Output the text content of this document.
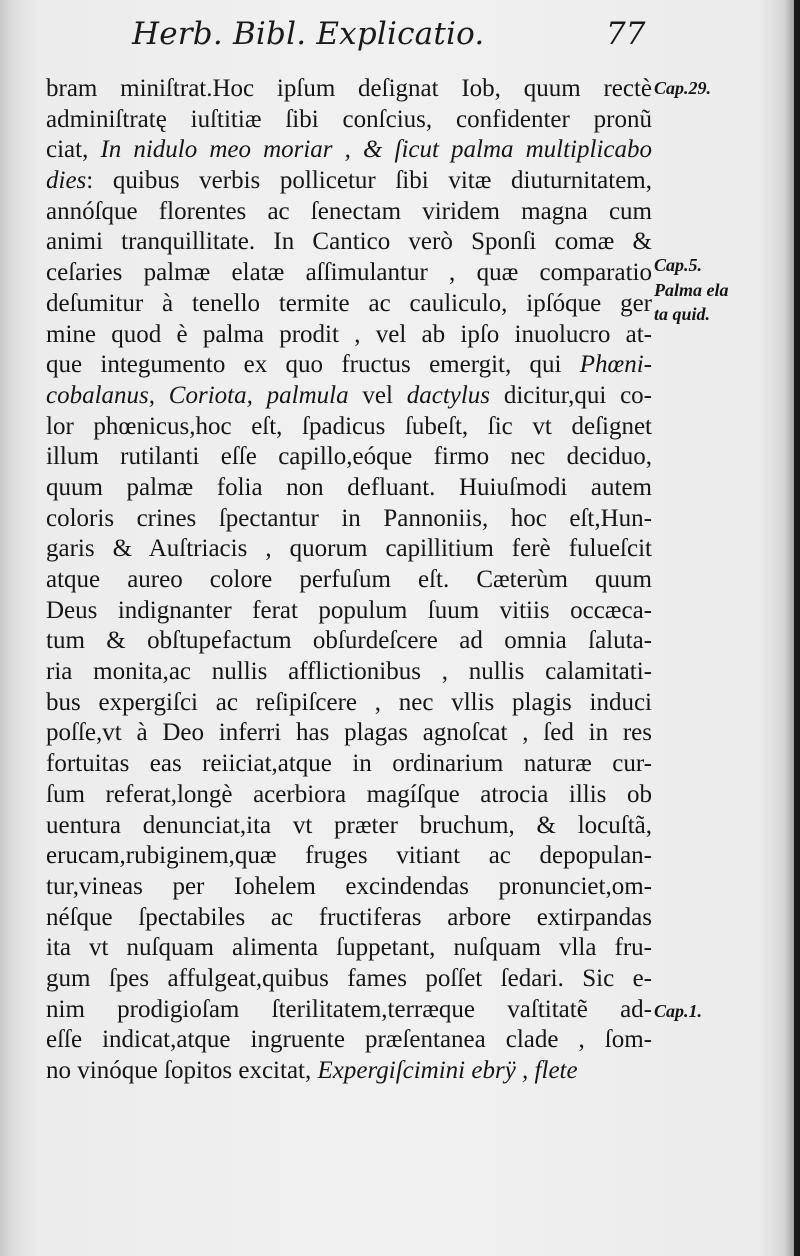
Herb. Bibl. Explicatio.	77
bram miniſtrat.Hoc ipſum deſignat Iob, quum rectè
adminiſtratę iuſtitiæ ſibi conſcius, confidenter pronũ
ciat, In nidulo meo moriar , & ſicut palma multiplicabo
dies: quibus verbis pollicetur ſibi vitæ diuturnitatem,
annóſque florentes ac ſenectam viridem magna cum
animi tranquillitate. In Cantico verò Sponſi comæ &
ceſaries palmæ elatæ aſſimulantur , quæ comparatio
deſumitur à tenello termite ac cauliculo, ipſóque ger
mine quod è palma prodit , vel ab ipſo inuolucro at-
que integumento ex quo fructus emergit, qui Phœni-
cobalanus, Coriota, palmula vel dactylus dicitur,qui co-
lor phœnicus,hoc eſt, ſpadicus ſubeſt, ſic vt deſignet
illum rutilanti eſſe capillo,eóque firmo nec deciduo,
quum palmæ folia non defluant. Huiuſmodi autem
coloris crines ſpectantur in Pannoniis, hoc eſt,Hun-
garis & Auſtriacis , quorum capillitium ferè fulueſcit
atque aureo colore perfuſum eſt. Cæterùm quum
Deus indignanter ferat populum ſuum vitiis occæca-
tum & obſtupefactum obſurdeſcere ad omnia ſaluta-
ria monita,ac nullis afflictionibus , nullis calamitati-
bus expergiſci ac reſipiſcere , nec vllis plagis induci
poſſe,vt à Deo inferri has plagas agnoſcat , ſed in res
fortuitas eas reiiciat,atque in ordinarium naturæ cur-
ſum referat,longè acerbiora magíſque atrocia illis ob
uentura denunciat,ita vt præter bruchum, & locuſtã,
erucam,rubiginem,quæ fruges vitiant ac depopulan-
tur,vineas per Iohelem excindendas pronunciet,om-
néſque ſpectabiles ac fructiferas arbore extirpandas
ita vt nuſquam alimenta ſuppetant, nuſquam vlla fru-
gum ſpes affulgeat,quibus fames poſſet ſedari. Sic e-
nim prodigioſam ſterilitatem,terræque vaſtitatẽ ad-
eſſe indicat,atque ingruente præſentanea clade , ſom-
no vinóque ſopitos excitat, Expergiſcimini ebrÿ , flete
Cap.29.
Cap.5.
Palma ela
ta quid.
Cap.1.
